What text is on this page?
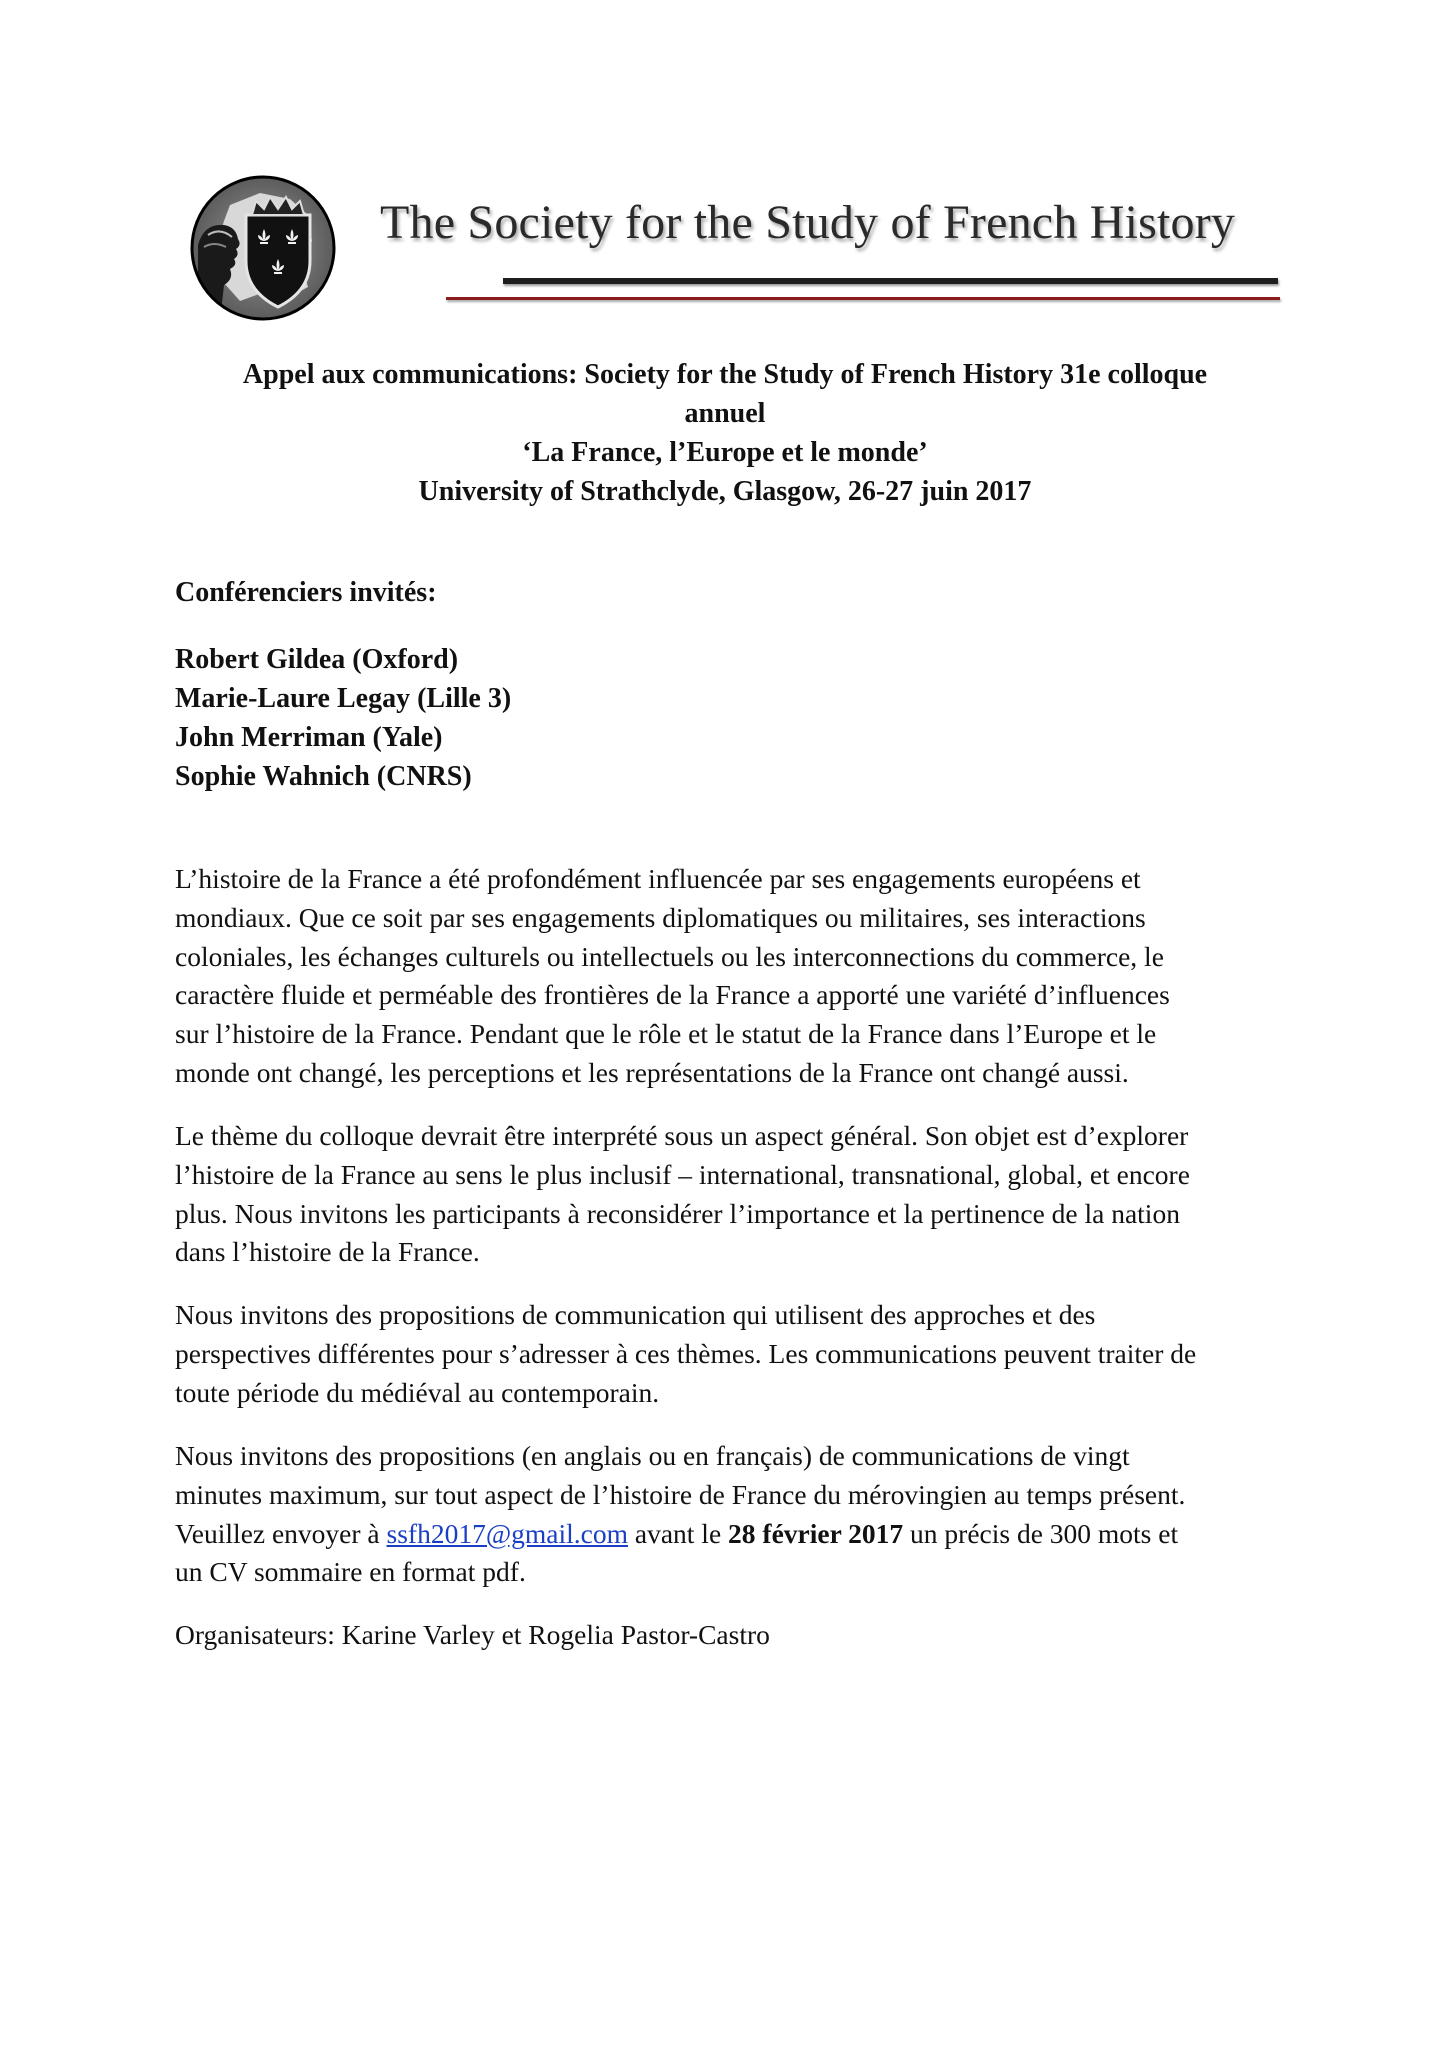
The Society for the Study of French History
Appel aux communications: Society for the Study of French History 31e colloque
annuel
‘La France, l’Europe et le monde’
University of Strathclyde, Glasgow, 26-27 juin 2017
Conférenciers invités:
Robert Gildea (Oxford)
Marie-Laure Legay (Lille 3)
John Merriman (Yale)
Sophie Wahnich (CNRS)
L’histoire de la France a été profondément influencée par ses engagements européens et
mondiaux. Que ce soit par ses engagements diplomatiques ou militaires, ses interactions
coloniales, les échanges culturels ou intellectuels ou les interconnections du commerce, le
caractère fluide et perméable des frontières de la France a apporté une variété d’influences
sur l’histoire de la France. Pendant que le rôle et le statut de la France dans l’Europe et le
monde ont changé, les perceptions et les représentations de la France ont changé aussi.
Le thème du colloque devrait être interprété sous un aspect général. Son objet est d’explorer
l’histoire de la France au sens le plus inclusif – international, transnational, global, et encore
plus. Nous invitons les participants à reconsidérer l’importance et la pertinence de la nation
dans l’histoire de la France.
Nous invitons des propositions de communication qui utilisent des approches et des
perspectives différentes pour s’adresser à ces thèmes. Les communications peuvent traiter de
toute période du médiéval au contemporain.
Nous invitons des propositions (en anglais ou en français) de communications de vingt
minutes maximum, sur tout aspect de l’histoire de France du mérovingien au temps présent.
Veuillez envoyer à ssfh2017@gmail.com avant le 28 février 2017 un précis de 300 mots et
un CV sommaire en format pdf.
Organisateurs: Karine Varley et Rogelia Pastor-Castro
